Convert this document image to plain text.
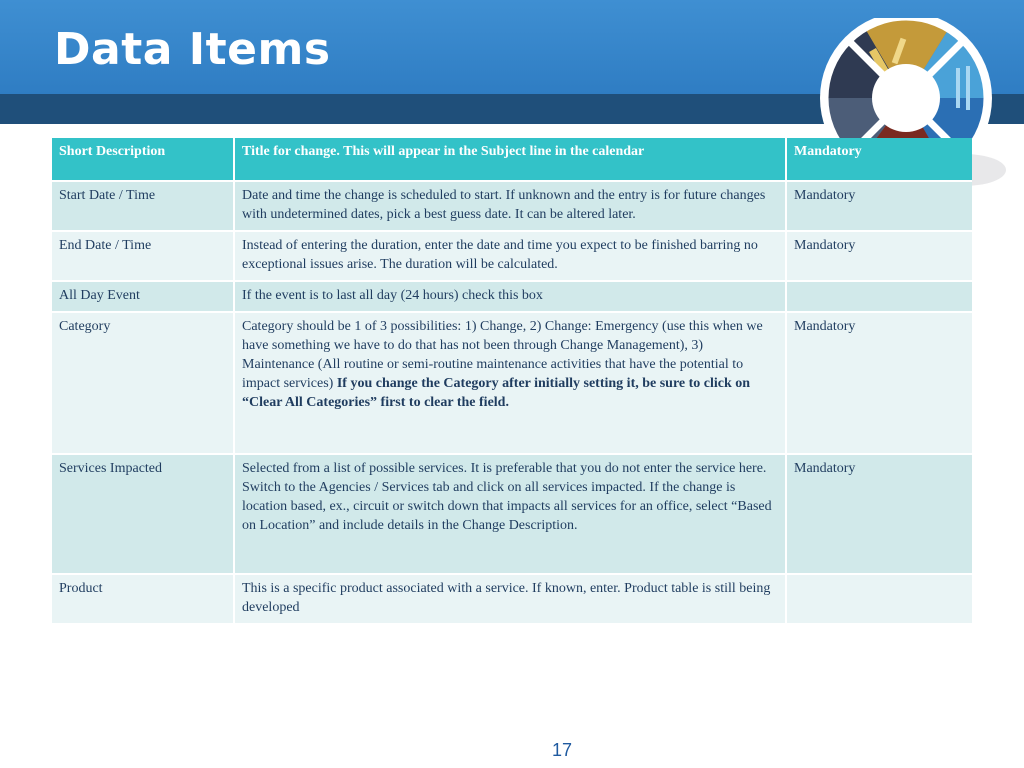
Data Items
Short Description	Title for change. This will appear in the Subject line in the calendar	Mandatory
Start Date / Time	Date and time the change is scheduled to start. If unknown and the entry is for future changes with undetermined dates, pick a best guess date. It can be altered later.	Mandatory
End Date / Time	Instead of entering the duration, enter the date and time you expect to be finished barring no exceptional issues arise. The duration will be calculated.	Mandatory
All Day Event	If the event is to last all day (24 hours) check this box	
Category	Category should be 1 of 3 possibilities: 1) Change, 2) Change: Emergency (use this when we have something we have to do that has not been through Change Management), 3) Maintenance (All routine or semi-routine maintenance activities that have the potential to impact services) If you change the Category after initially setting it, be sure to click on “Clear All Categories” first to clear the field.	Mandatory
Services Impacted	Selected from a list of possible services. It is preferable that you do not enter the service here. Switch to the Agencies / Services tab and click on all services impacted. If the change is location based, ex., circuit or switch down that impacts all services for an office, select “Based on Location” and include details in the Change Description.	Mandatory
Product	This is a specific product associated with a service. If known, enter. Product table is still being developed	
17
